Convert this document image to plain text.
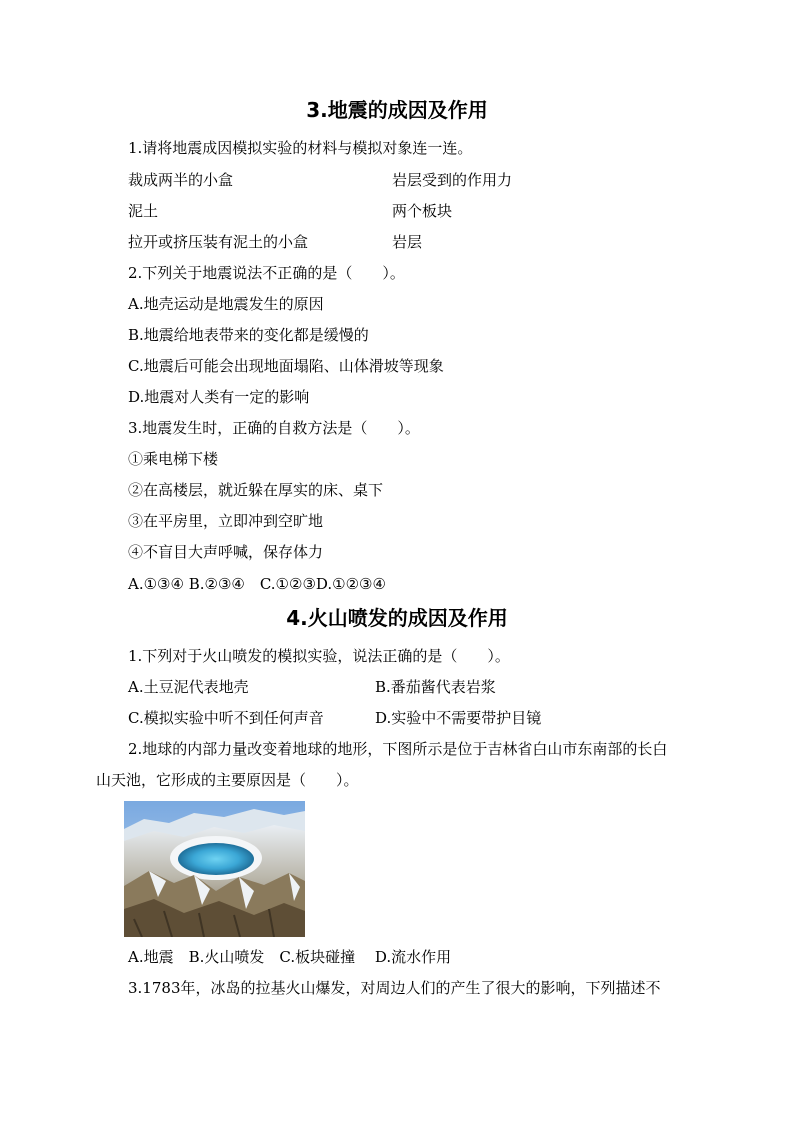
3.地震的成因及作用
1.请将地震成因模拟实验的材料与模拟对象连一连。
裁成两半的小盒	岩层受到的作用力
泥土	两个板块
拉开或挤压装有泥土的小盒	岩层
2.下列关于地震说法不正确的是（　　）。
A.地壳运动是地震发生的原因
B.地震给地表带来的变化都是缓慢的
C.地震后可能会出现地面塌陷、山体滑坡等现象
D.地震对人类有一定的影响
3.地震发生时，正确的自救方法是（　　）。
①乘电梯下楼
②在高楼层，就近躲在厚实的床、桌下
③在平房里，立即冲到空旷地
④不盲目大声呼喊，保存体力
A.①③④ B.②③④　C.①②③D.①②③④
4.火山喷发的成因及作用
1.下列对于火山喷发的模拟实验，说法正确的是（　　）。
A.土豆泥代表地壳	B.番茄酱代表岩浆
C.模拟实验中听不到任何声音	D.实验中不需要带护目镜
2.地球的内部力量改变着地球的地形，下图所示是位于吉林省白山市东南部的长白
山天池，它形成的主要原因是（　　）。
A.地震　B.火山喷发　C.板块碰撞　 D.流水作用
3.1783年，冰岛的拉基火山爆发，对周边人们的产生了很大的影响，下列描述不
